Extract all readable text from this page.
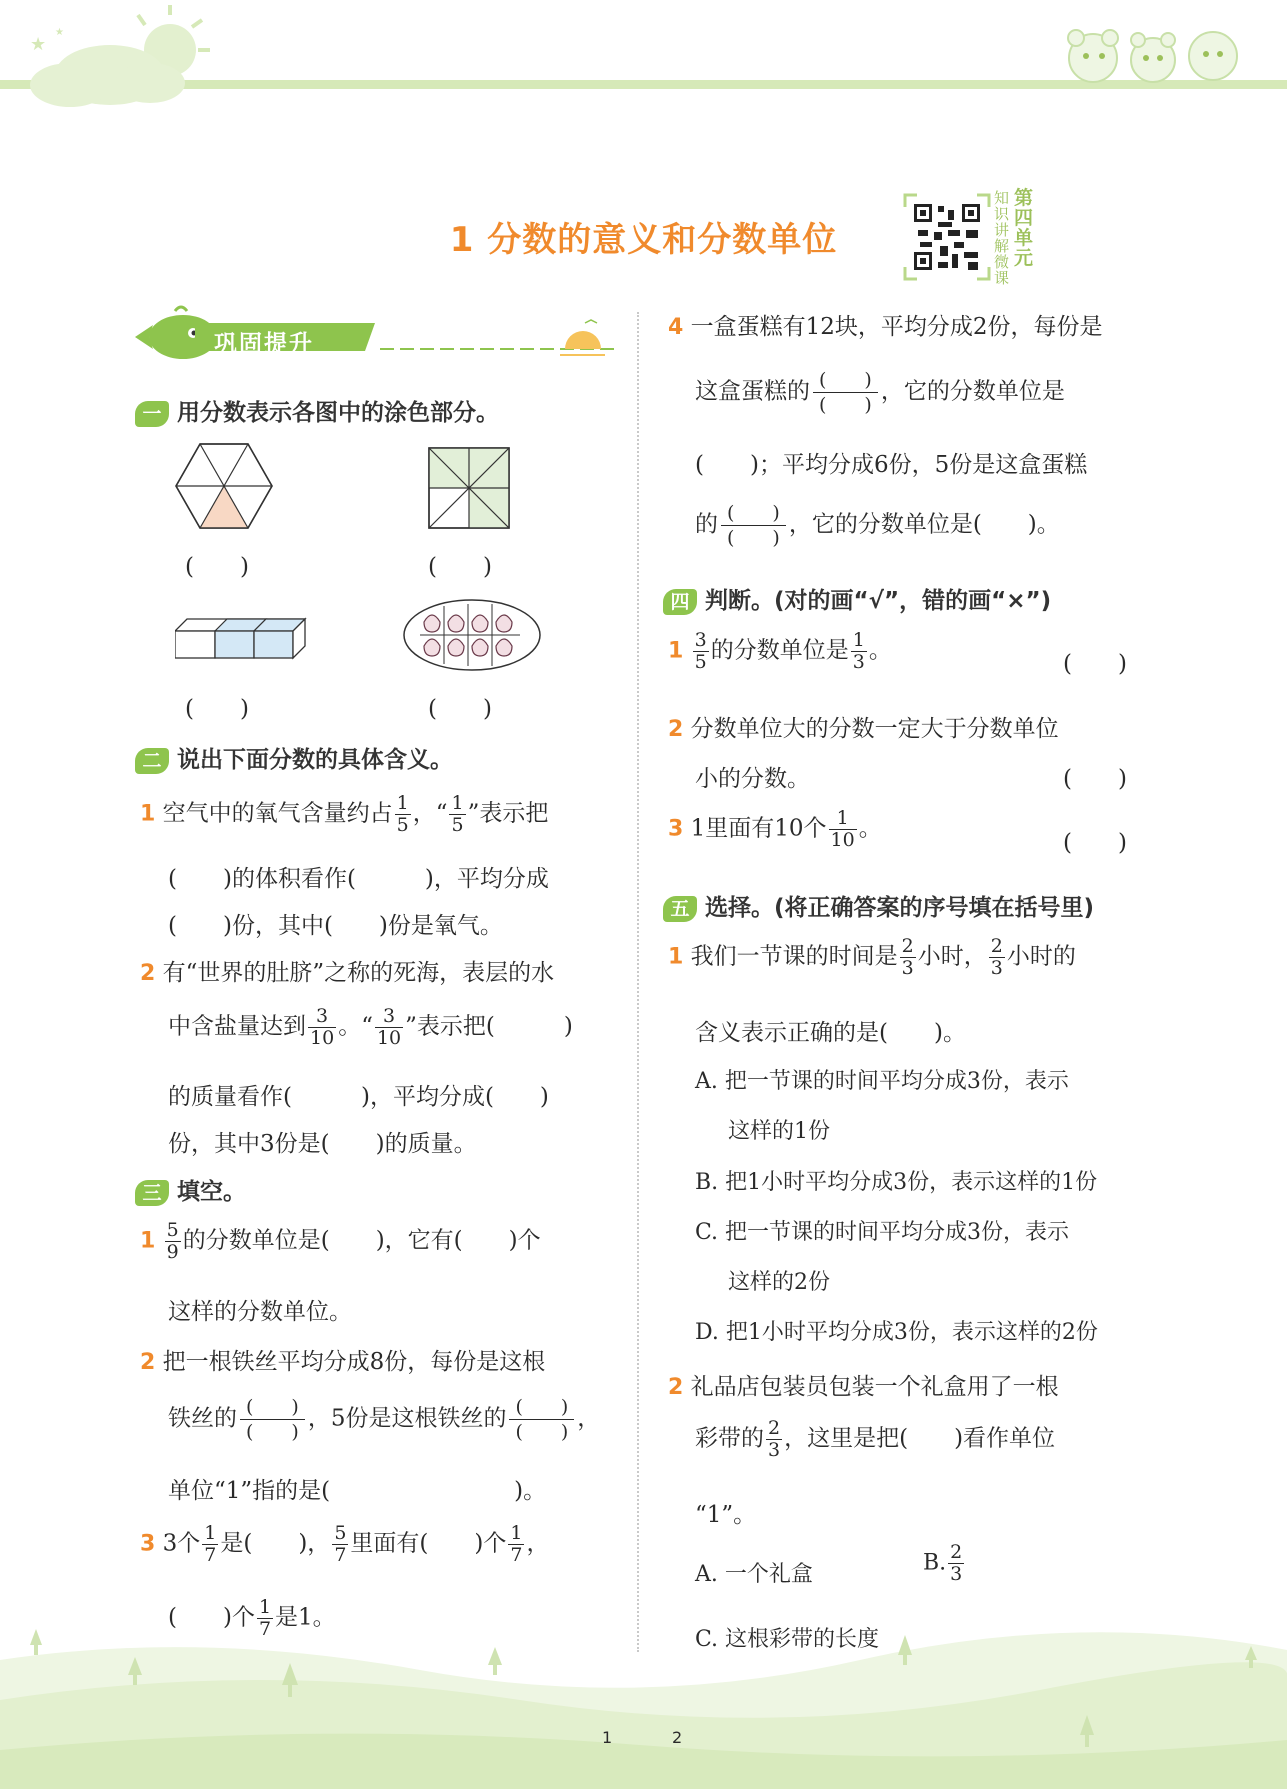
★
★
1 分数的意义和分数单位
知识讲解微课
第四单元
巩固提升
一 用分数表示各图中的涂色部分。
(　　)	(　　)
(　　)	(　　)
二 说出下面分数的具体含义。
1 空气中的氧气含量约占 $\frac{1}{5}$ ，“ $\frac{1}{5}$ ”表示把
(　　)的体积看作(　　　)，平均分成
(　　)份，其中(　　)份是氧气。
2 有“世界的肚脐”之称的死海，表层的水
中含盐量达到 $\frac{3}{10}$ 。“ $\frac{3}{10}$ ”表示把(　　　)
的质量看作(　　　)，平均分成(　　)
份，其中3份是(　　)的质量。
三 填空。
$1 \frac{5}{9}$ 的分数单位是(　　)，它有(　　)个
这样的分数单位。
2 把一根铁丝平均分成8份，每份是这根
铁丝的 (　　)
(　　)
，5份是这根铁丝的 (　　)
(　　)
，
单位“1”指的是(　　　　　　　　)。
3 3个 $\frac{1}{7}$ 是(　　)， $\frac{5}{7}$ 里面有(　　)个 $\frac{1}{7}$ ，
(　　)个 $\frac{1}{7}$ 是1。
4 一盒蛋糕有12块，平均分成2份，每份是
这盒蛋糕的 (　　)
(　　)
，它的分数单位是
(　　)；平均分成6份，5份是这盒蛋糕
的 (　　)
(　　)
，它的分数单位是(　　)。
四 判断。(对的画“√”，错的画“×”)
$1 \frac{3}{5}$ 的分数单位是 $\frac{1}{3}$ 。
(　　)
2 分数单位大的分数一定大于分数单位
小的分数。	(　　)
3 1里面有10个 $\frac{1}{10}$ 。
(　　)
五 选择。(将正确答案的序号填在括号里)
1 我们一节课的时间是 $\frac{2}{3}$ 小时， $\frac{2}{3}$ 小时的
含义表示正确的是(　　)。
A. 把一节课的时间平均分成3份，表示
这样的1份
B. 把1小时平均分成3份，表示这样的1份
C. 把一节课的时间平均分成3份，表示
这样的2份
D. 把1小时平均分成3份，表示这样的2份
2 礼品店包装员包装一个礼盒用了一根
彩带的 $\frac{2}{3}$ ，这里是把(　　)看作单位
“1”。
A. 一个礼盒	B. $\frac{2}{3}$
C. 这根彩带的长度
1	2
